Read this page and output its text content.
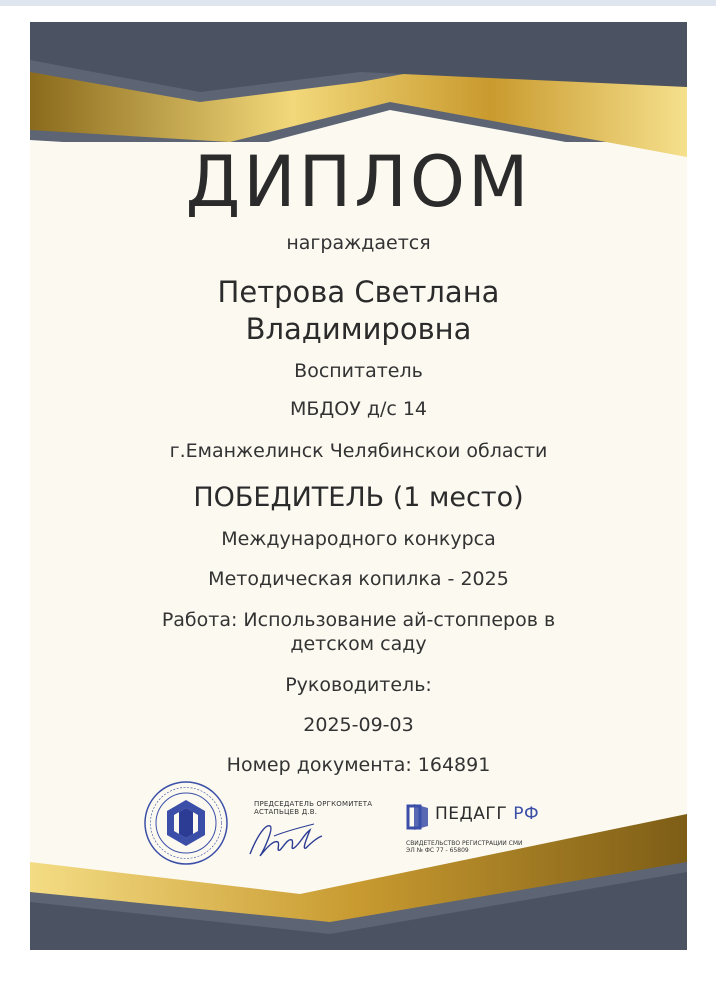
ДИПЛОМ
награждается
Петрова Светлана
Владимировна
Воспитатель
МБДОУ д/с 14
г.Еманжелинск Челябинскои области
ПОБЕДИТЕЛЬ (1 место)
Международного конкурса
Методическая копилка - 2025
Работа: Использование ай-стопперов в
детском саду
Руководитель:
2025-09-03
Номер документа: 164891
ПРЕДСЕДАТЕЛЬ ОРГКОМИТЕТА
АСТАПЬЦЕВ Д.В.	ПЕДАГГ РФ
СВИДЕТЕЛЬСТВО РЕГИСТРАЦИИ СМИ
ЭЛ № ФС 77 - 65809
